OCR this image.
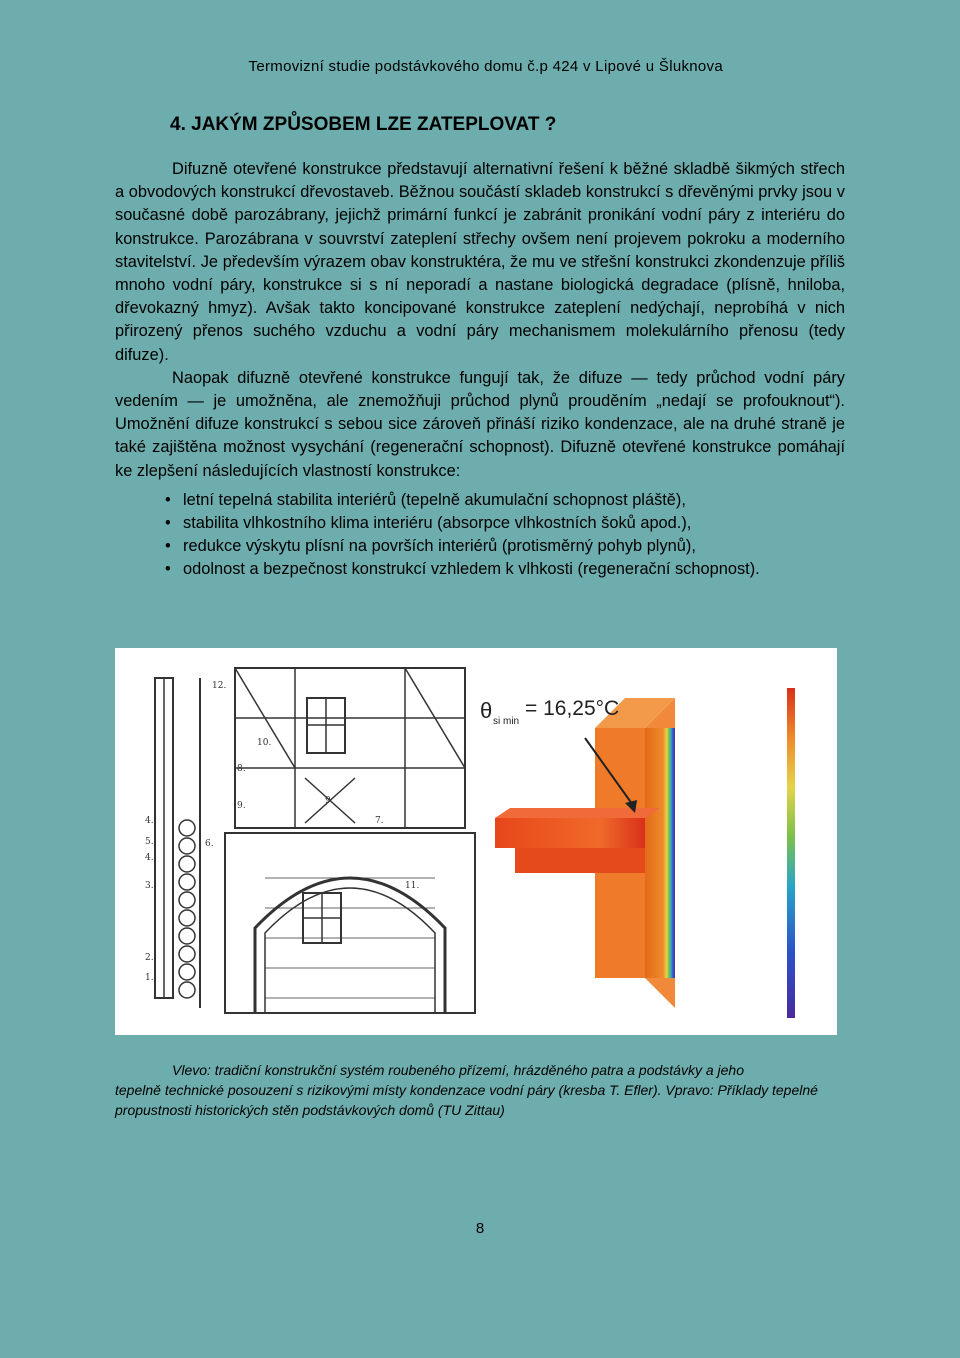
Termovizní studie podstávkového domu č.p 424 v Lipové u Šluknova
4. JAKÝM ZPŮSOBEM LZE ZATEPLOVAT ?

Difuzně otevřené konstrukce představují alternativní řešení k běžné skladbě šikmých střech a obvodových konstrukcí dřevostaveb. Běžnou součástí skladeb konstrukcí s dřevěnými prvky jsou v současné době parozábrany, jejichž primární funkcí je zabránit pronikání vodní páry z interiéru do konstrukce. Parozábrana v souvrství zateplení střechy ovšem není projevem pokroku a moderního stavitelství. Je především výrazem obav konstruktéra, že mu ve střešní konstrukci zkondenzuje příliš mnoho vodní páry, konstrukce si s ní neporadí a nastane biologická degradace (plísně, hniloba, dřevokazný hmyz). Avšak takto koncipované konstrukce zateplení nedýchají, neprobíhá v nich přirozený přenos suchého vzduchu a vodní páry mechanismem molekulárního přenosu (tedy difuze).

Naopak difuzně otevřené konstrukce fungují tak, že difuze — tedy průchod vodní páry vedením — je umožněna, ale znemožňuji průchod plynů prouděním „nedají se profouknout“). Umožnění difuze konstrukcí s sebou sice zároveň přináší riziko kondenzace, ale na druhé straně je také zajištěna možnost vysychání (regenerační schopnost). Difuzně otevřené konstrukce pomáhají ke zlepšení následujících vlastností konstrukce:

• letní tepelná stabilita interiérů (tepelně akumulační schopnost pláště),
• stabilita vlhkostního klima interiéru (absorpce vlhkostních šoků apod.),
• redukce výskytu plísní na površích interiérů (protisměrný pohyb plynů),
• odolnost a bezpečnost konstrukcí vzhledem k vlhkosti (regenerační schopnost).
12.
4.
5.	6.
4.
3.
2.
1.
10.
8.
9.
7.
9.
11.
θ si min
= 16,25°C
Vlevo: tradiční konstrukční systém roubeného přízemí, hrázděného patra a podstávky a jeho
tepelně technické posouzení s rizikovými místy kondenzace vodní páry (kresba T. Efler). Vpravo: Příklady tepelné propustnosti historických stěn podstávkových domů (TU Zittau)
8
